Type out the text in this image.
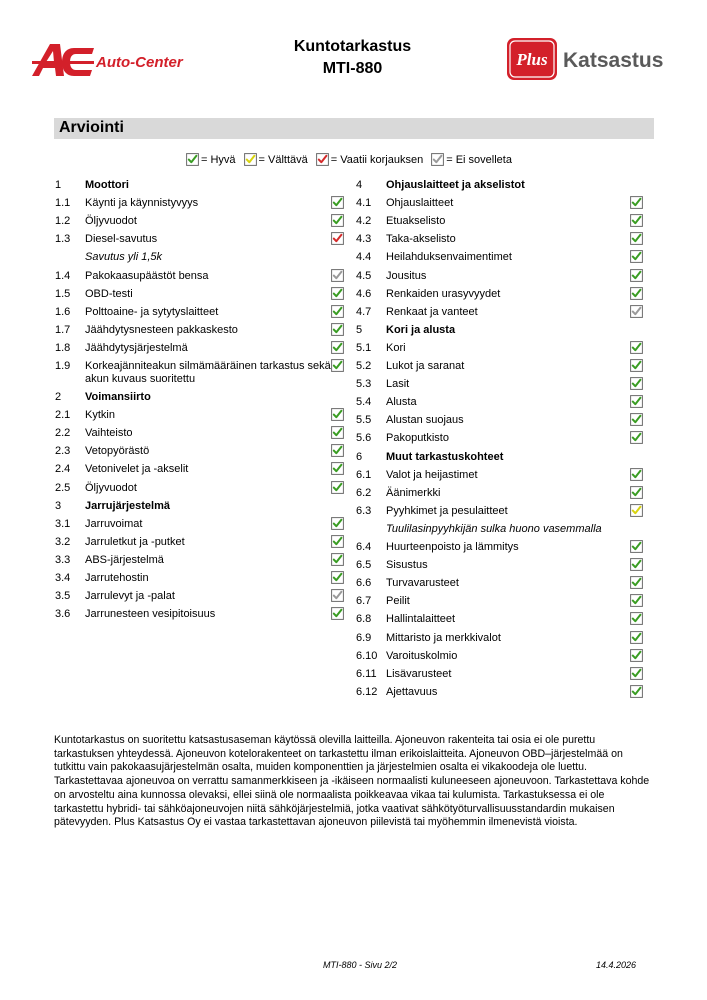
Auto-Center
Kuntotarkastus
MTI-880	Plus Katsastus
Arviointi
= Hyvä = Välttävä = Vaatii korjauksen = Ei sovelleta
1 Moottori
1.1 Käynti ja käynnistyvyys
1.2 Öljyvuodot
1.3 Diesel-savutus
Savutus yli 1,5k
1.4 Pakokaasupäästöt bensa
1.5 OBD-testi
1.6 Polttoaine- ja sytytyslaitteet
1.7 Jäähdytysnesteen pakkaskesto
1.8 Jäähdytysjärjestelmä
1.9 Korkeajänniteakun silmämääräinen tarkastus sekä akun kuvaus suoritettu
2 Voimansiirto
2.1 Kytkin
2.2 Vaihteisto
2.3 Vetopyörästö
2.4 Vetonivelet ja -akselit
2.5 Öljyvuodot
3 Jarrujärjestelmä
3.1 Jarruvoimat
3.2 Jarruletkut ja -putket
3.3 ABS-järjestelmä
3.4 Jarrutehostin
3.5 Jarrulevyt ja -palat
3.6 Jarrunesteen vesipitoisuus
4 Ohjauslaitteet ja akselistot
4.1 Ohjauslaitteet
4.2 Etuakselisto
4.3 Taka-akselisto
4.4 Heilahduksenvaimentimet
4.5 Jousitus
4.6 Renkaiden urasyvyydet
4.7 Renkaat ja vanteet
5 Kori ja alusta
5.1 Kori
5.2 Lukot ja saranat
5.3 Lasit
5.4 Alusta
5.5 Alustan suojaus
5.6 Pakoputkisto
6 Muut tarkastuskohteet
6.1 Valot ja heijastimet
6.2 Äänimerkki
6.3 Pyyhkimet ja pesulaitteet
Tuulilasinpyyhkijän sulka huono vasemmalla
6.4 Huurteenpoisto ja lämmitys
6.5 Sisustus
6.6 Turvavarusteet
6.7 Peilit
6.8 Hallintalaitteet
6.9 Mittaristo ja merkkivalot
6.10 Varoituskolmio
6.11 Lisävarusteet
6.12 Ajettavuus
Kuntotarkastus on suoritettu katsastusaseman käytössä olevilla laitteilla. Ajoneuvon rakenteita tai osia ei ole purettu tarkastuksen yhteydessä. Ajoneuvon kotelorakenteet on tarkastettu ilman erikoislaitteita. Ajoneuvon OBD–järjestelmää on tutkittu vain pakokaasujärjestelmän osalta, muiden komponenttien ja järjestelmien osalta ei vikakoodeja ole luettu. Tarkastettavaa ajoneuvoa on verrattu samanmerkkiseen ja -ikäiseen normaalisti kuluneeseen ajoneuvoon. Tarkastettava kohde on arvosteltu aina kunnossa olevaksi, ellei siinä ole normaalista poikkeavaa vikaa tai kulumista. Tarkastuksessa ei ole tarkastettu hybridi- tai sähköajoneuvojen niitä sähköjärjestelmiä, jotka vaativat sähkötyöturvallisuusstandardin mukaisen pätevyyden. Plus Katsastus Oy ei vastaa tarkastettavan ajoneuvon piilevistä tai myöhemmin ilmenevistä vioista.
MTI-880 - Sivu 2/2	14.4.2026
